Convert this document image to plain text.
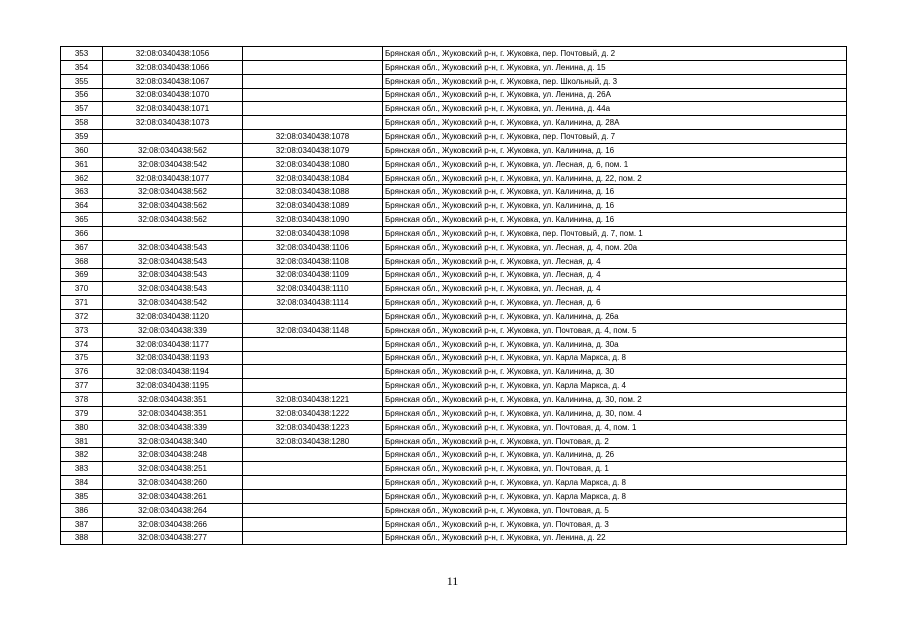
353	32:08:0340438:1056		Брянская обл., Жуковский р-н, г. Жуковка, пер. Почтовый, д. 2
354	32:08:0340438:1066		Брянская обл., Жуковский р-н, г. Жуковка, ул. Ленина, д. 15
355	32:08:0340438:1067		Брянская обл., Жуковский р-н, г. Жуковка, пер. Школьный, д. 3
356	32:08:0340438:1070		Брянская обл., Жуковский р-н, г. Жуковка, ул. Ленина, д. 26А
357	32:08:0340438:1071		Брянская обл., Жуковский р-н, г. Жуковка, ул. Ленина, д. 44а
358	32:08:0340438:1073		Брянская обл., Жуковский р-н, г. Жуковка, ул. Калинина, д. 28А
359		32:08:0340438:1078	Брянская обл., Жуковский р-н, г. Жуковка, пер. Почтовый, д. 7
360	32:08:0340438:562	32:08:0340438:1079	Брянская обл., Жуковский р-н, г. Жуковка, ул. Калинина, д. 16
361	32:08:0340438:542	32:08:0340438:1080	Брянская обл., Жуковский р-н, г. Жуковка, ул. Лесная, д. 6, пом. 1
362	32:08:0340438:1077	32:08:0340438:1084	Брянская обл., Жуковский р-н, г. Жуковка, ул. Калинина, д. 22, пом. 2
363	32:08:0340438:562	32:08:0340438:1088	Брянская обл., Жуковский р-н, г. Жуковка, ул. Калинина, д. 16
364	32:08:0340438:562	32:08:0340438:1089	Брянская обл., Жуковский р-н, г. Жуковка, ул. Калинина, д. 16
365	32:08:0340438:562	32:08:0340438:1090	Брянская обл., Жуковский р-н, г. Жуковка, ул. Калинина, д. 16
366		32:08:0340438:1098	Брянская обл., Жуковский р-н, г. Жуковка, пер. Почтовый, д. 7, пом. 1
367	32:08:0340438:543	32:08:0340438:1106	Брянская обл., Жуковский р-н, г. Жуковка, ул. Лесная, д. 4, пом. 20а
368	32:08:0340438:543	32:08:0340438:1108	Брянская обл., Жуковский р-н, г. Жуковка, ул. Лесная, д. 4
369	32:08:0340438:543	32:08:0340438:1109	Брянская обл., Жуковский р-н, г. Жуковка, ул. Лесная, д. 4
370	32:08:0340438:543	32:08:0340438:1110	Брянская обл., Жуковский р-н, г. Жуковка, ул. Лесная, д. 4
371	32:08:0340438:542	32:08:0340438:1114	Брянская обл., Жуковский р-н, г. Жуковка, ул. Лесная, д. 6
372	32:08:0340438:1120		Брянская обл., Жуковский р-н, г. Жуковка, ул. Калинина, д. 26а
373	32:08:0340438:339	32:08:0340438:1148	Брянская обл., Жуковский р-н, г. Жуковка, ул. Почтовая, д. 4, пом. 5
374	32:08:0340438:1177		Брянская обл., Жуковский р-н, г. Жуковка, ул. Калинина, д. 30а
375	32:08:0340438:1193		Брянская обл., Жуковский р-н, г. Жуковка, ул. Карла Маркса, д. 8
376	32:08:0340438:1194		Брянская обл., Жуковский р-н, г. Жуковка, ул. Калинина, д. 30
377	32:08:0340438:1195		Брянская обл., Жуковский р-н, г. Жуковка, ул. Карла Маркса, д. 4
378	32:08:0340438:351	32:08:0340438:1221	Брянская обл., Жуковский р-н, г. Жуковка, ул. Калинина, д. 30, пом. 2
379	32:08:0340438:351	32:08:0340438:1222	Брянская обл., Жуковский р-н, г. Жуковка, ул. Калинина, д. 30, пом. 4
380	32:08:0340438:339	32:08:0340438:1223	Брянская обл., Жуковский р-н, г. Жуковка, ул. Почтовая, д. 4, пом. 1
381	32:08:0340438:340	32:08:0340438:1280	Брянская обл., Жуковский р-н, г. Жуковка, ул. Почтовая, д. 2
382	32:08:0340438:248		Брянская обл., Жуковский р-н, г. Жуковка, ул. Калинина, д. 26
383	32:08:0340438:251		Брянская обл., Жуковский р-н, г. Жуковка, ул. Почтовая, д. 1
384	32:08:0340438:260		Брянская обл., Жуковский р-н, г. Жуковка, ул. Карла Маркса, д. 8
385	32:08:0340438:261		Брянская обл., Жуковский р-н, г. Жуковка, ул. Карла Маркса, д. 8
386	32:08:0340438:264		Брянская обл., Жуковский р-н, г. Жуковка, ул. Почтовая, д. 5
387	32:08:0340438:266		Брянская обл., Жуковский р-н, г. Жуковка, ул. Почтовая, д. 3
388	32:08:0340438:277		Брянская обл., Жуковский р-н, г. Жуковка, ул. Ленина, д. 22
11
